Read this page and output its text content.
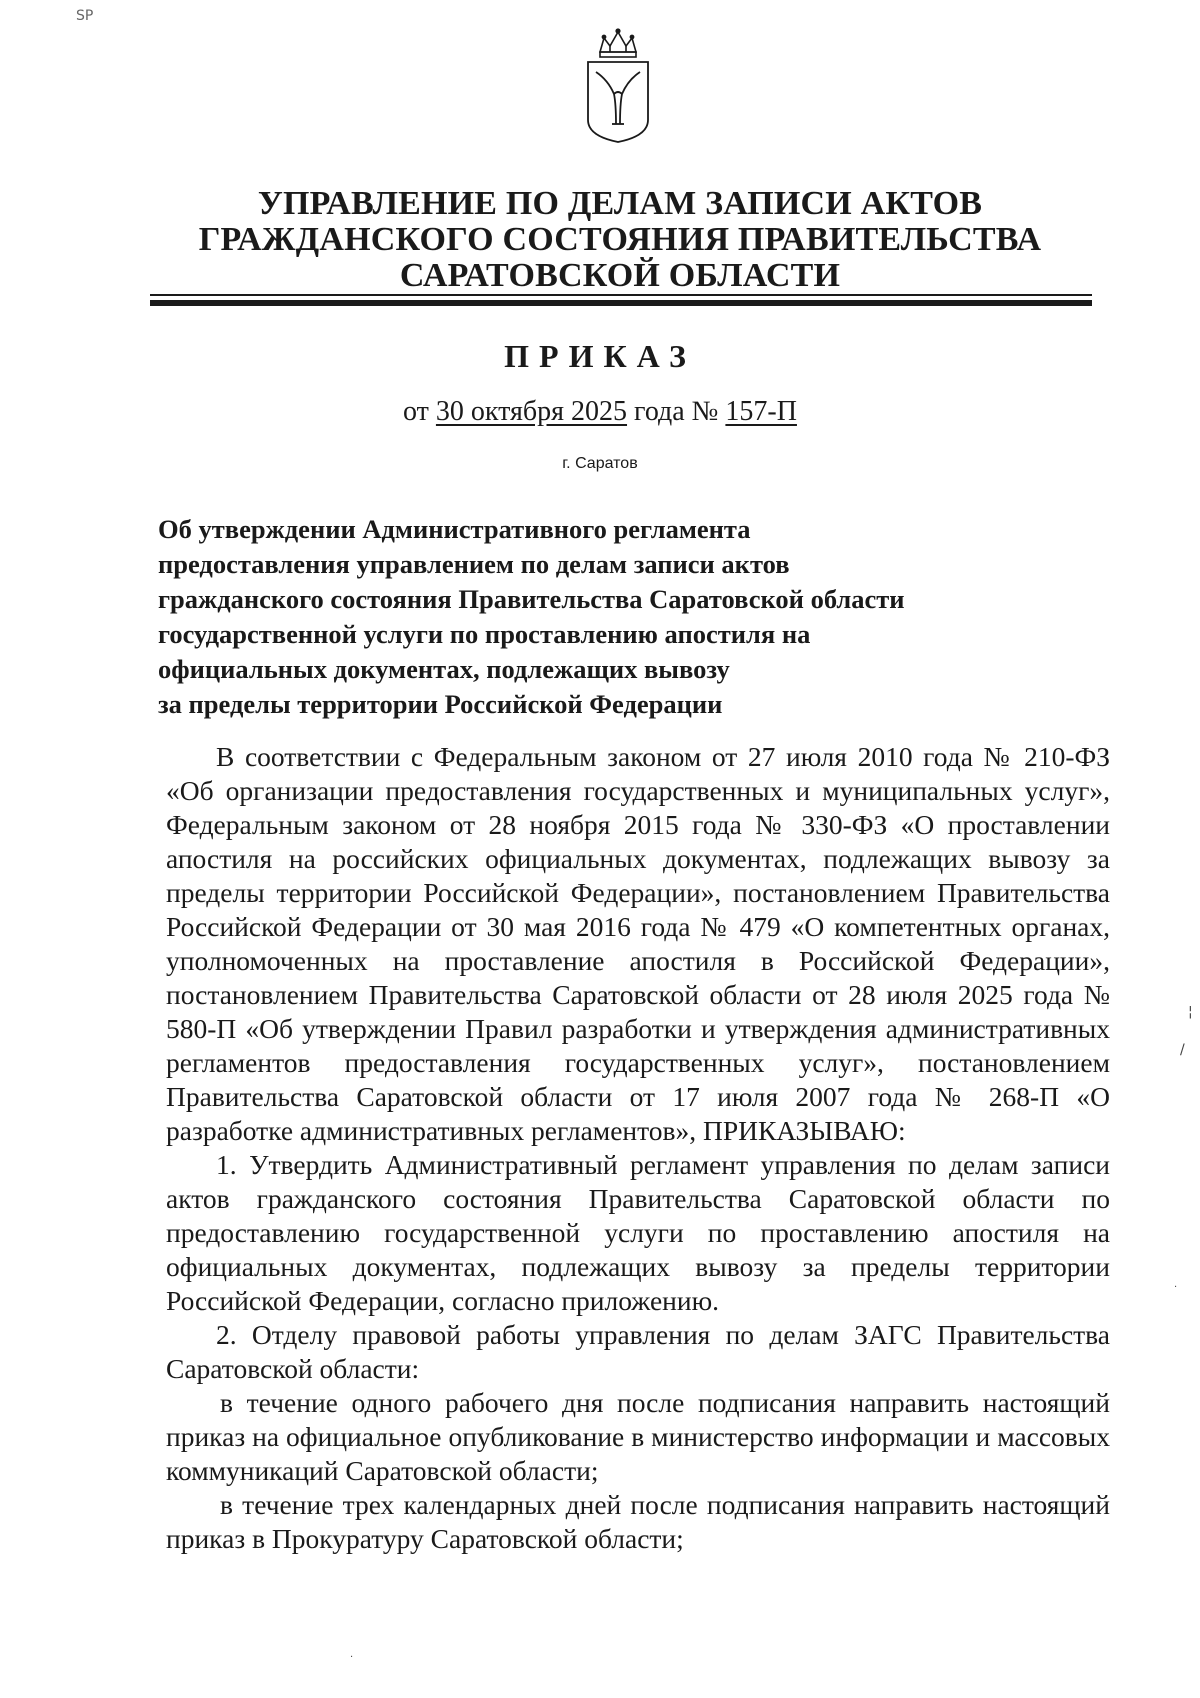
SP
УПРАВЛЕНИЕ ПО ДЕЛАМ ЗАПИСИ АКТОВ
ГРАЖДАНСКОГО СОСТОЯНИЯ ПРАВИТЕЛЬСТВА
САРАТОВСКОЙ ОБЛАСТИ
ПРИКАЗ
от 30 октября 2025 года № 157-П
г. Саратов
Об утверждении Административного регламента
предоставления управлением по делам записи актов
гражданского состояния Правительства Саратовской области
государственной услуги по проставлению апостиля на
официальных документах, подлежащих вывозу
за пределы территории Российской Федерации

В соответствии с Федеральным законом от 27 июля 2010 года № 210-ФЗ «Об организации предоставления государственных и муниципальных услуг», Федеральным законом от 28 ноября 2015 года № 330-ФЗ «О проставлении апостиля на российских официальных документах, подлежащих вывозу за пределы территории Российской Федерации», постановлением Правительства Российской Федерации от 30 мая 2016 года № 479 «О компетентных органах, уполномоченных на проставление апостиля в Российской Федерации», постановлением Правительства Саратовской области от 28 июля 2025 года № 580-П «Об утверждении Правил разработки и утверждения административных регламентов предоставления государственных услуг», постановлением Правительства Саратовской области от 17 июля 2007 года № 268-П «О разработке административных регламентов», ПРИКАЗЫВАЮ:

1. Утвердить Административный регламент управления по делам записи актов гражданского состояния Правительства Саратовской области по предоставлению государственной услуги по проставлению апостиля на официальных документах, подлежащих вывозу за пределы территории Российской Федерации, согласно приложению.

2. Отделу правовой работы управления по делам ЗАГС Правительства Саратовской области:

в течение одного рабочего дня после подписания направить настоящий приказ на официальное опубликование в министерство информации и массовых коммуникаций Саратовской области;

в течение трех календарных дней после подписания направить настоящий приказ в Прокуратуру Саратовской области;

¦
/
·
·
